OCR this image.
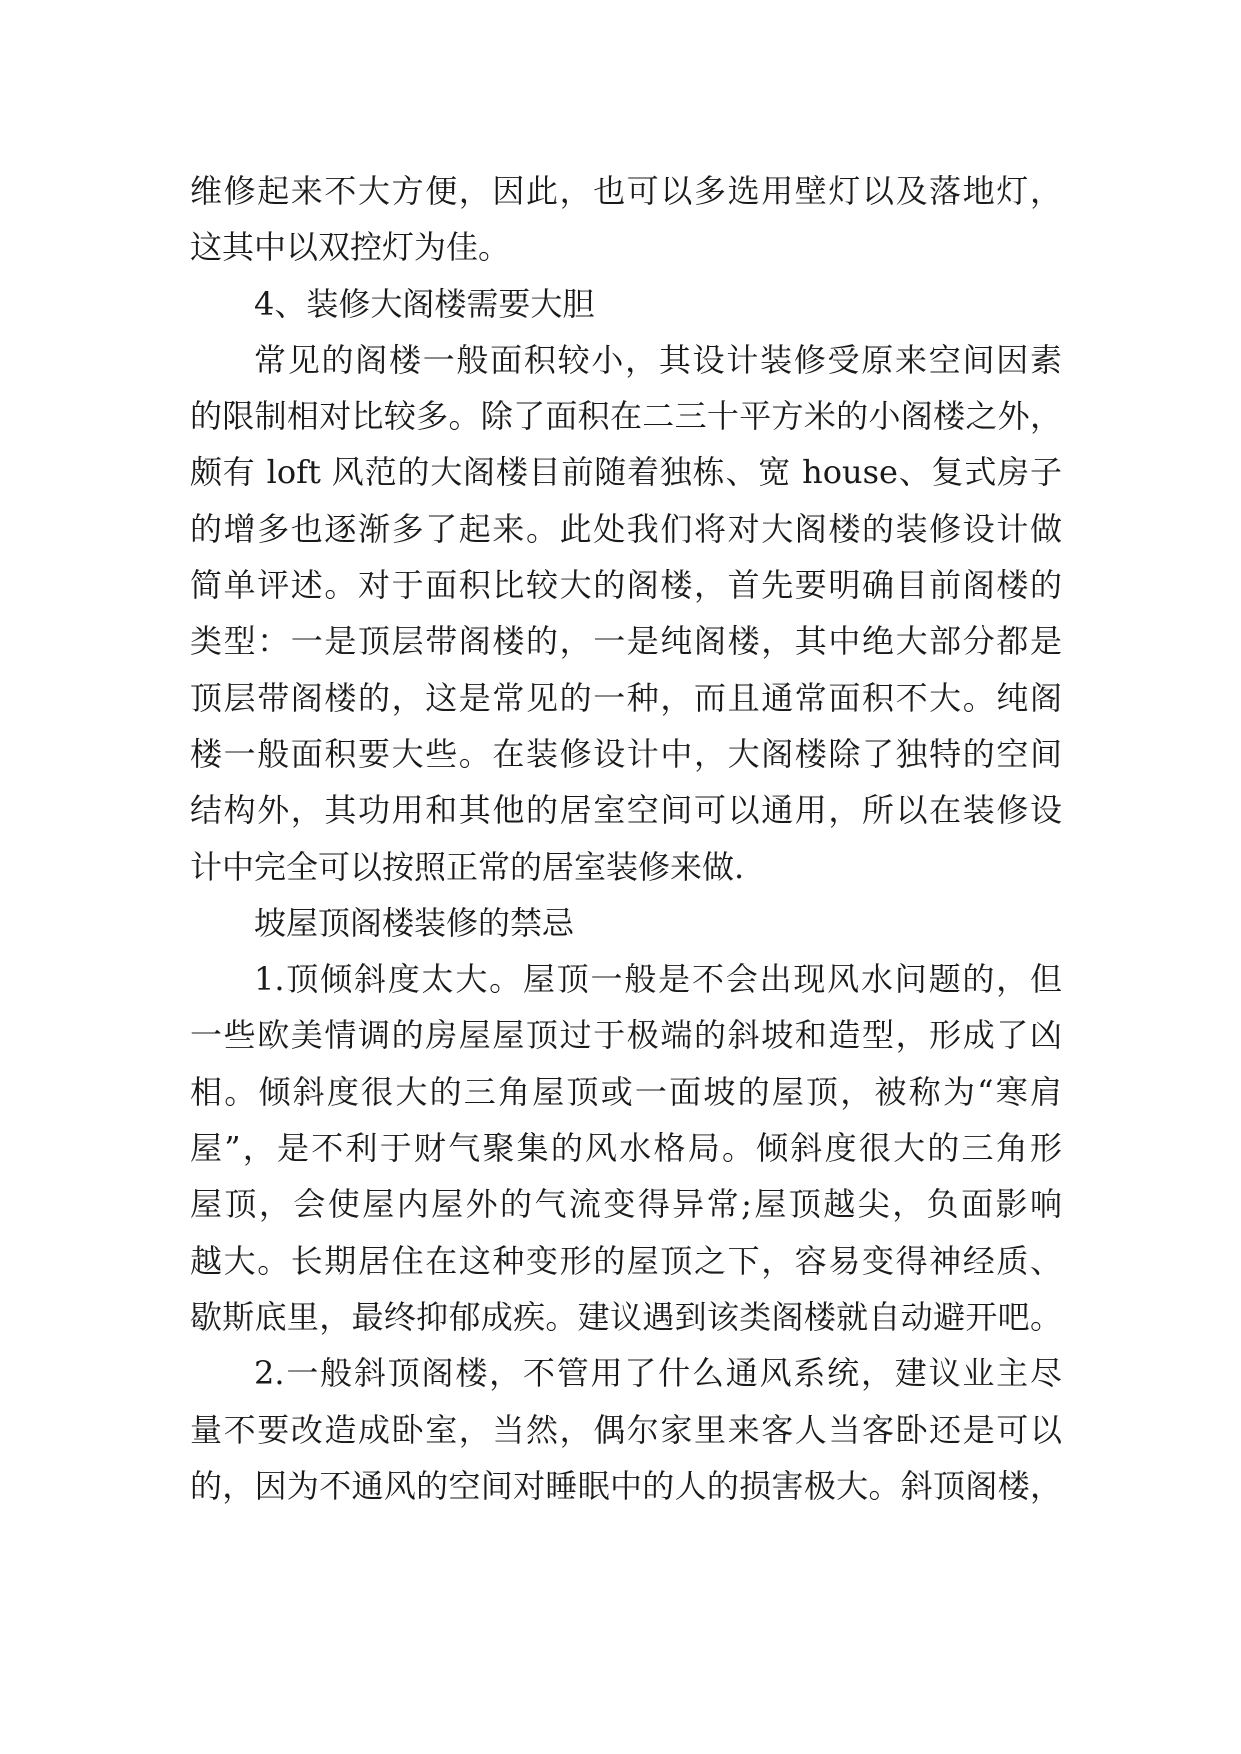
维修起来不大方便，因此，也可以多选用壁灯以及落地灯，
这其中以双控灯为佳。
4、装修大阁楼需要大胆
常见的阁楼一般面积较小，其设计装修受原来空间因素
的限制相对比较多。除了面积在二三十平方米的小阁楼之外，
颇有 loft 风范的大阁楼目前随着独栋、宽 house、复式房子
的增多也逐渐多了起来。此处我们将对大阁楼的装修设计做
简单评述。对于面积比较大的阁楼，首先要明确目前阁楼的
类型：一是顶层带阁楼的，一是纯阁楼，其中绝大部分都是
顶层带阁楼的，这是常见的一种，而且通常面积不大。纯阁
楼一般面积要大些。在装修设计中，大阁楼除了独特的空间
结构外，其功用和其他的居室空间可以通用，所以在装修设
计中完全可以按照正常的居室装修来做.
坡屋顶阁楼装修的禁忌
1.顶倾斜度太大。屋顶一般是不会出现风水问题的，但
一些欧美情调的房屋屋顶过于极端的斜坡和造型，形成了凶
相。倾斜度很大的三角屋顶或一面坡的屋顶，被称为“寒肩
屋”，是不利于财气聚集的风水格局。倾斜度很大的三角形
屋顶，会使屋内屋外的气流变得异常;屋顶越尖，负面影响
越大。长期居住在这种变形的屋顶之下，容易变得神经质、
歇斯底里，最终抑郁成疾。建议遇到该类阁楼就自动避开吧。
2.一般斜顶阁楼，不管用了什么通风系统，建议业主尽
量不要改造成卧室，当然，偶尔家里来客人当客卧还是可以
的，因为不通风的空间对睡眠中的人的损害极大。斜顶阁楼，
